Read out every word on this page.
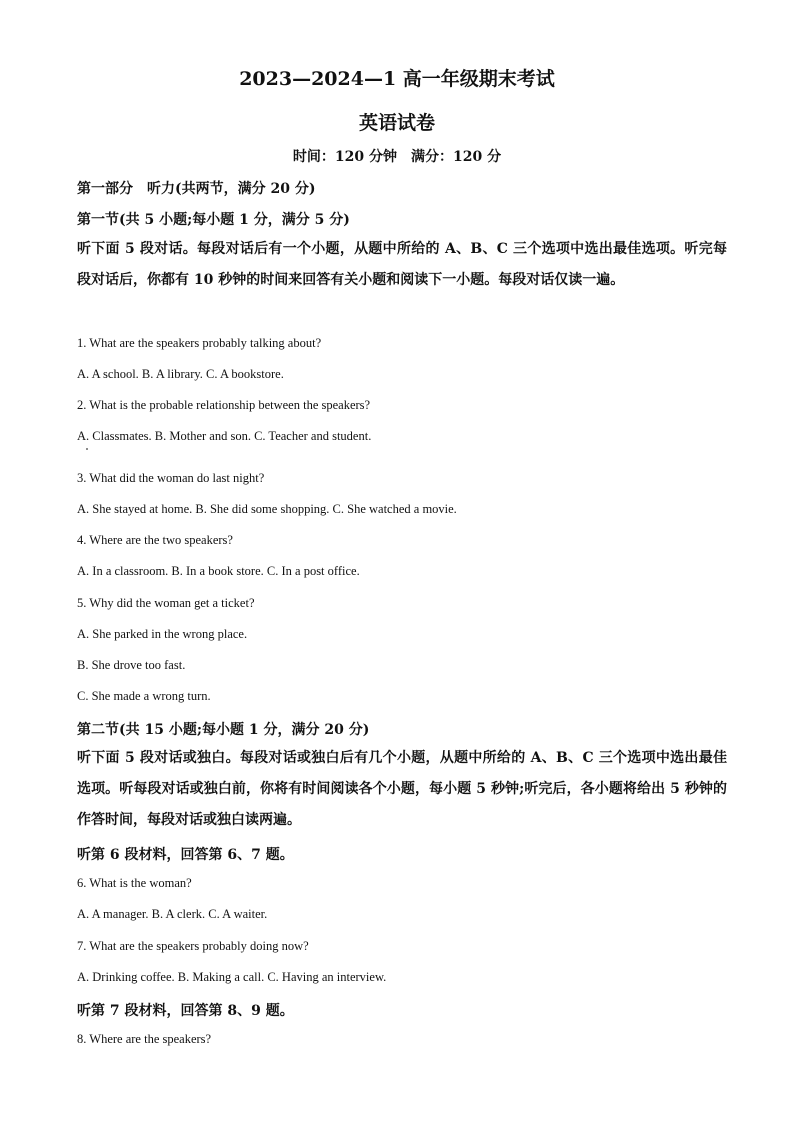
2023—2024—1 高一年级期末考试
英语试卷
时间：120 分钟　满分：120 分
第一部分　听力(共两节，满分 20 分)
第一节(共 5 小题;每小题 1 分，满分 5 分)
听下面 5 段对话。每段对话后有一个小题，从题中所给的 A、B、C 三个选项中选出最佳选项。听完每段对话后，你都有 10 秒钟的时间来回答有关小题和阅读下一小题。每段对话仅读一遍。
1. What are the speakers probably talking about?
A. A school. B. A library. C. A bookstore.
2. What is the probable relationship between the speakers?
A. Classmates. B. Mother and son. C. Teacher and student.
3. What did the woman do last night?
A. She stayed at home. B. She did some shopping. C. She watched a movie.
4. Where are the two speakers?
A. In a classroom. B. In a book store. C. In a post office.
5. Why did the woman get a ticket?
A. She parked in the wrong place.
B. She drove too fast.
C. She made a wrong turn.
第二节(共 15 小题;每小题 1 分，满分 20 分)
听下面 5 段对话或独白。每段对话或独白后有几个小题，从题中所给的 A、B、C 三个选项中选出最佳选项。听每段对话或独白前，你将有时间阅读各个小题，每小题 5 秒钟;听完后，各小题将给出 5 秒钟的作答时间，每段对话或独白读两遍。
听第 6 段材料，回答第 6、7 题。
6. What is the woman?
A. A manager. B. A clerk. C. A waiter.
7. What are the speakers probably doing now?
A. Drinking coffee. B. Making a call. C. Having an interview.
听第 7 段材料，回答第 8、9 题。
8. Where are the speakers?
